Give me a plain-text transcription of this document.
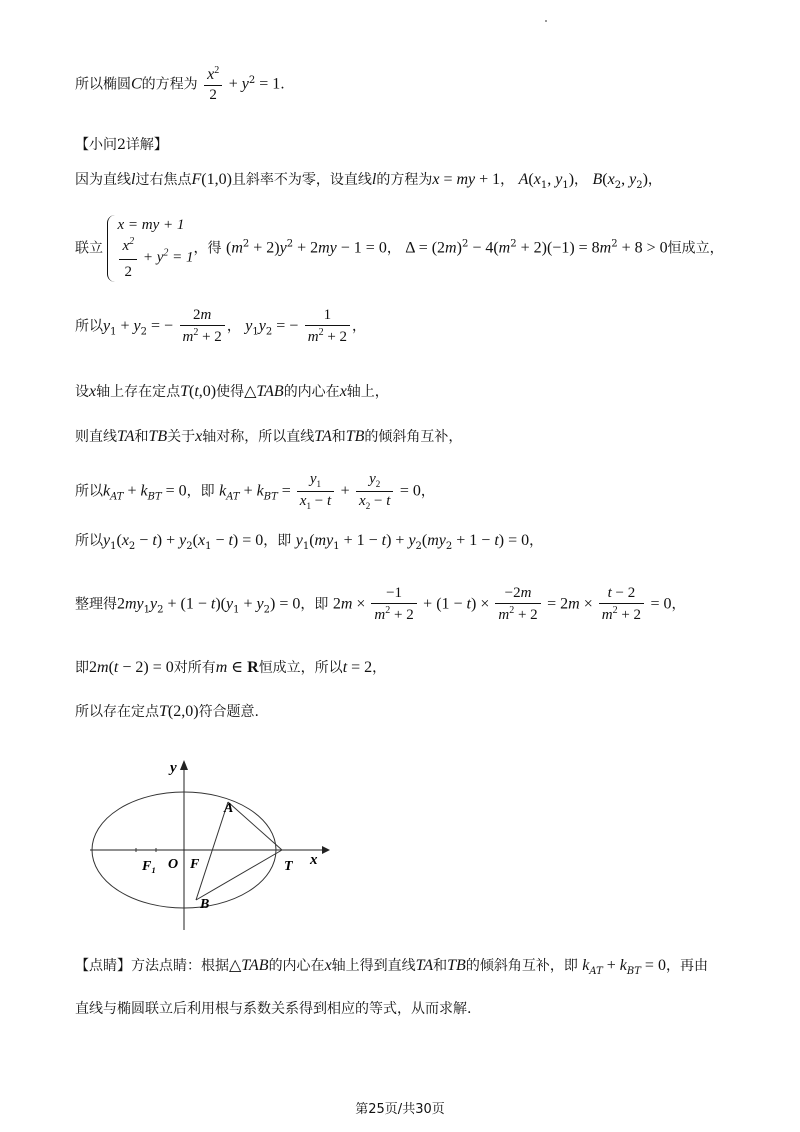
所以椭圆C的方程为 $\frac{x^2}{2} + y^2 = 1$.
【小问2详解】
因为直线l过右焦点F(1,0)且斜率不为零，设直线l的方程为x = my + 1， $A(x_1$, $y_1$)， $B(x_2$, $y_2$)，
联立
x = my + 1
$\frac{x^2}{2} + y^2 = 1$
，得 $(m^2 + 2)y^2 + 2my - 1 = 0$， $\Delta = (2m)^2 - 4(m^2 + 2)(-1) = 8m^2 + 8 > 0$恒成立，
所以$y_1 + y_2$ = − $\frac{2m}{m^2 + 2}$ ， $y_1y_2$ = − $\frac{1}{m^2 + 2}$ ，
设x轴上存在定点T(t,0)使得△TAB的内心在x轴上，
则直线TA和TB关于x轴对称，所以直线TA和TB的倾斜角互补，
所以$k_{AT} + k_{BT} = 0$，即 $k_{AT} + k_{BT} = \frac{y_1}{x_1 - t} + \frac{y_2}{x_2 - t} = 0$，
所以$y_1(x_2 - t) + y_2(x_1 - t) = 0$，即 $y_1(my_1 + 1 - t) + y_2(my_2 + 1 - t) = 0$，
整理得$2my_1y_2 + (1 - t)(y_1 + y_2) = 0$，即 $2m \times \frac{-1}{m^2 + 2} + (1 - t) \times \frac{-2m}{m^2 + 2} = 2m \times \frac{t - 2}{m^2 + 2} = 0$，
即2m(t − 2) = 0对所有m ∈ R恒成立，所以t = 2，
所以存在定点T(2,0)符合题意.
y
x
O
F₁ F
A
B
T
【点睛】方法点睛：根据△TAB的内心在x轴上得到直线TA和TB的倾斜角互补，即 $k_{AT} + k_{BT} = 0$，再由
直线与椭圆联立后利用根与系数关系得到相应的等式，从而求解.
第25页/共30页
